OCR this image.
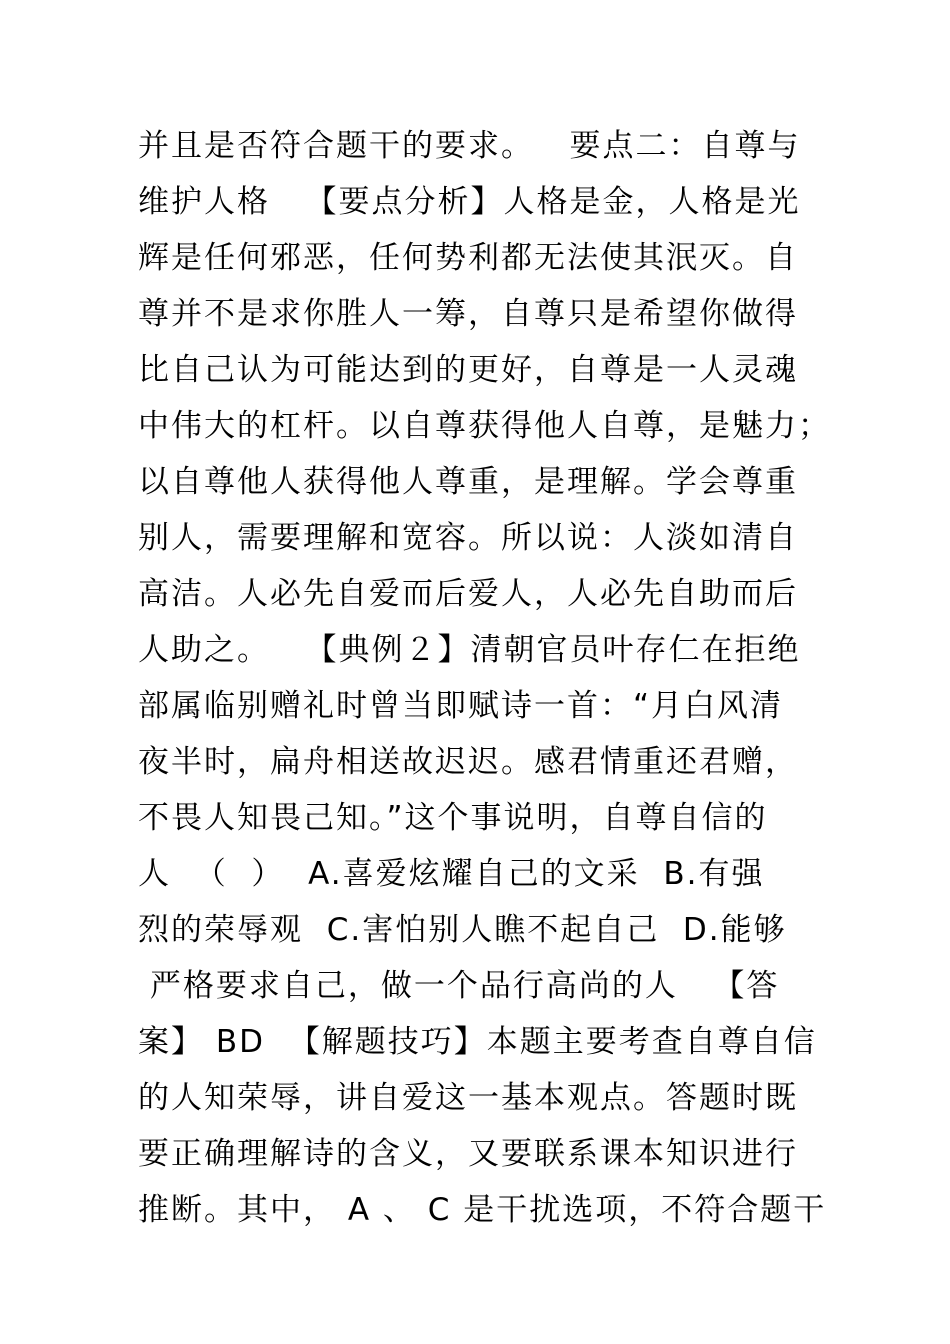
并且是否符合题干的要求。   要点二：自尊与
维护人格   【要点分析】人格是金，人格是光
辉是任何邪恶，任何势利都无法使其泯灭。自
尊并不是求你胜人一筹，自尊只是希望你做得
比自己认为可能达到的更好，自尊是一人灵魂
中伟大的杠杆。以自尊获得他人自尊，是魅力；
以自尊他人获得他人尊重，是理解。学会尊重
别人，需要理解和宽容。所以说：人淡如清自
高洁。人必先自爱而后爱人，人必先自助而后
人助之。   【典例２】清朝官员叶存仁在拒绝
部属临别赠礼时曾当即赋诗一首：“月白风清
夜半时，扁舟相送故迟迟。感君情重还君赠，
不畏人知畏己知。”这个事说明，自尊自信的
人  （  ）  A.喜爱炫耀自己的文采  B.有强
烈的荣辱观  C.害怕别人瞧不起自己  D.能够
严格要求自己，做一个品行高尚的人   【答
案】 BD  【解题技巧】本题主要考查自尊自信
的人知荣辱，讲自爱这一基本观点。答题时既
要正确理解诗的含义，又要联系课本知识进行
推断。其中， A 、 C 是干扰选项，不符合题干
